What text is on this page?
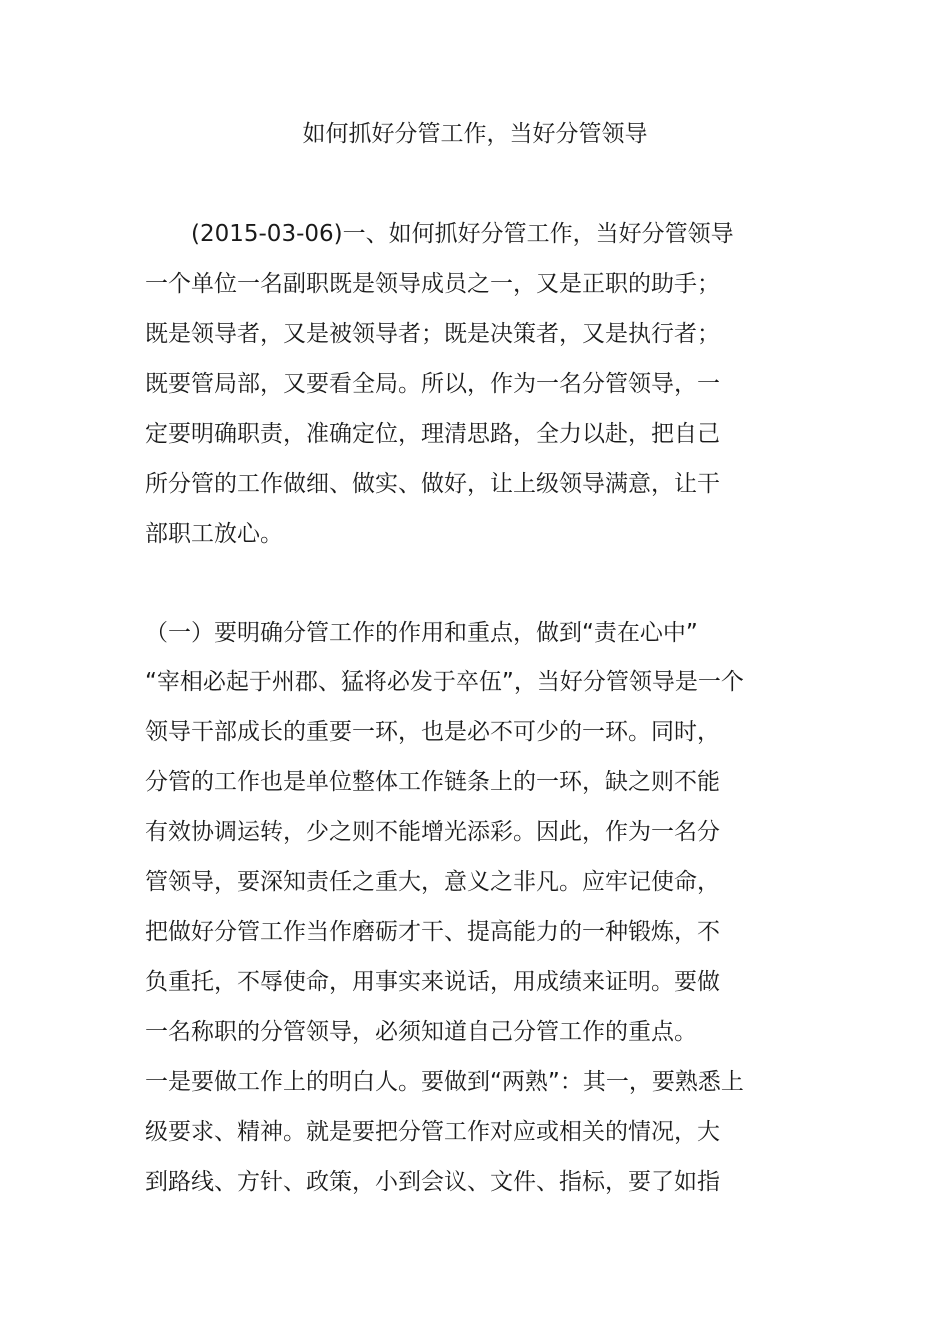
如何抓好分管工作，当好分管领导
　　(2015-03-06)一、如何抓好分管工作，当好分管领导
一个单位一名副职既是领导成员之一，又是正职的助手；
既是领导者，又是被领导者；既是决策者，又是执行者；
既要管局部，又要看全局。所以，作为一名分管领导，一
定要明确职责，准确定位，理清思路，全力以赴，把自己
所分管的工作做细、做实、做好，让上级领导满意，让干
部职工放心。
（一）要明确分管工作的作用和重点，做到“责在心中”
“宰相必起于州郡、猛将必发于卒伍”，当好分管领导是一个
领导干部成长的重要一环，也是必不可少的一环。同时，
分管的工作也是单位整体工作链条上的一环，缺之则不能
有效协调运转，少之则不能增光添彩。因此，作为一名分
管领导，要深知责任之重大，意义之非凡。应牢记使命，
把做好分管工作当作磨砺才干、提高能力的一种锻炼，不
负重托，不辱使命，用事实来说话，用成绩来证明。要做
一名称职的分管领导，必须知道自己分管工作的重点。
一是要做工作上的明白人。要做到“两熟”：其一，要熟悉上
级要求、精神。就是要把分管工作对应或相关的情况，大
到路线、方针、政策，小到会议、文件、指标，要了如指
